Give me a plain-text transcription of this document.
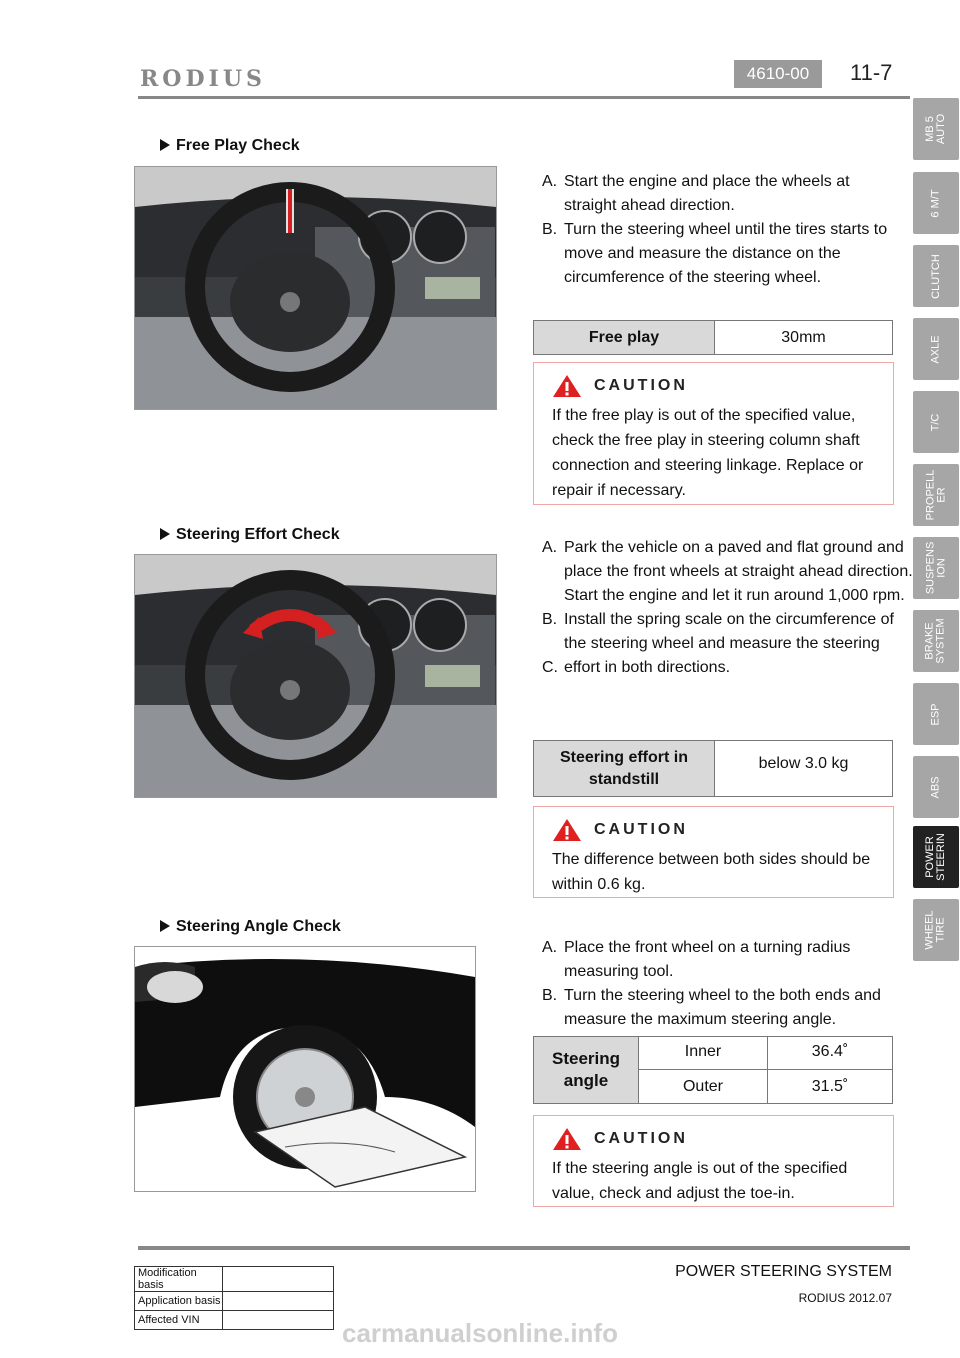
RODIUS	4610-00	11-7
Free Play Check
A. Start the engine and place the wheels at straight ahead direction.
B. Turn the steering wheel until the tires starts to move and measure the distance on the circumference of the steering wheel.
Free play	30mm
CAUTION
If the free play is out of the specified value, check the free play in steering column shaft connection and steering linkage. Replace or repair if necessary.
Steering Effort Check
A. Park the vehicle on a paved and flat ground and place the front wheels at straight ahead direction. Start the engine and let it run around 1,000 rpm.
B. Install the spring scale on the circumference of the steering wheel and measure the steering
C. effort in both directions.
Steering effort in standstill	below 3.0 kg
CAUTION
The difference between both sides should be within 0.6 kg.
Steering Angle Check
A. Place the front wheel on a turning radius measuring tool.
B. Turn the steering wheel to the both ends and measure the maximum steering angle.
Steering angle	Inner	36.4˚
	Outer	31.5˚
CAUTION
If the steering angle is out of the specified value, check and adjust the toe-in.
MB 5
AUTO
6 M/T
CLUTCH
AXLE
T/C
PROPELL
ER
SUSPENS
ION
BRAKE
SYSTEM
ESP
ABS
POWER
STEERIN
WHEEL
TIRE
POWER STEERING SYSTEM
RODIUS 2012.07
Modification basis	
Application basis	
Affected VIN		carmanualsonline.info
